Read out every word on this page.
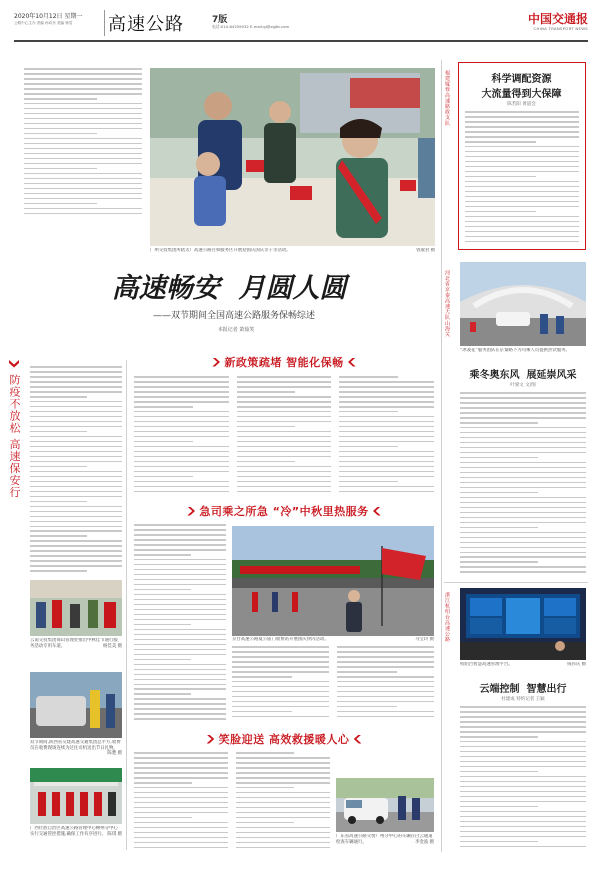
2020年10月12日 星期一
公路中心主办 责编 孙向东 美编 杨雪 高速公路	7版
电话:010-64259032 E-mail:gl@zgjtb.com
中国交通报
CHINA TRANSPORT NEWS
广州交投集团所辖太广高速公路百和服务区开展迎国庆国庆亲子亲活动。	曾淑君 摄
高速畅安  月圆人圆
——双节期间全国高速公路服务保畅综述
本报记者 萧茹笑
防疫不放松 高速保安行
云南交投集团保山管理处推出中秋佳节通行服务活动专用车道。	杨佳美 摄
双节期间,陕西省交建高速交通集团总平方,收费员在收费现场连续为过往司机送出节日礼物。
陈楚 摄
广西壮族自治区高速公路管理中心柳州分中心实行交通管控措施,确保工作有序进行。 陈琪 摄
新政策疏堵 智能化保畅
急司乘之所急 “冷”中秋里热服务
京台高速公路夏公庙门收费站开展国庆快闪活动。	马宝玲 摄
笑脸迎送 高效救援暖人心
广东省高速公路交警广州分中心的车辆在白云通道检查车辆通行。	李金波 摄
福建厦蓉高速路政支队	科学调配资源
大流量得到大保障
陈若阳 黄道会
河北省京秦高速大队山海关
“冰凌花”服务团队在京秦路下为司乘人员提供热饮服务。
乘冬奥东风  展延崇风采
叶梁文 文/图
浙江杭绍台高速公路
杭绍台智慧高速管理平台。	钱伟庆 摄
云端控制  智慧出行
杜建成 特约记者 王颖
